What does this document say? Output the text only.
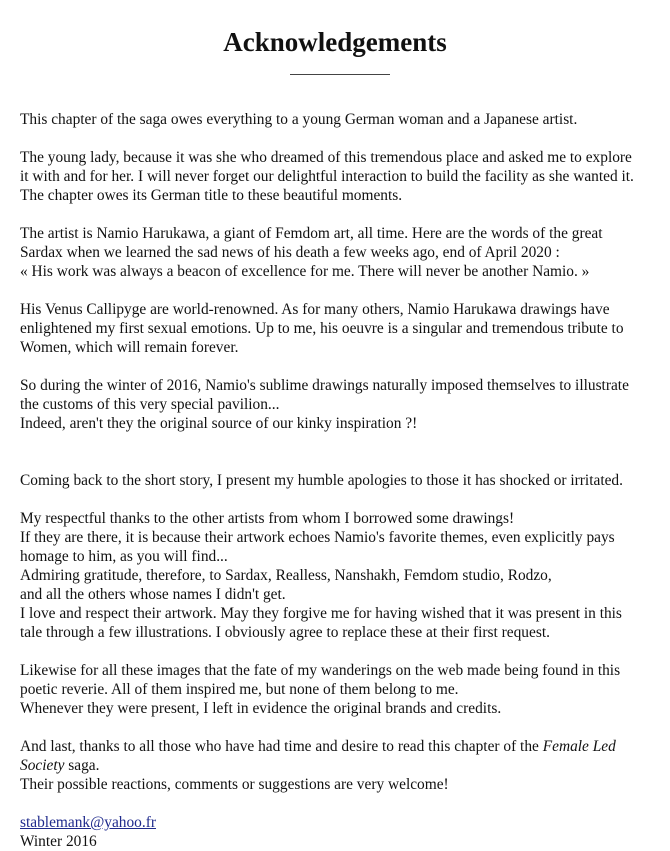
Acknowledgements

This chapter of the saga owes everything to a young German woman and a Japanese artist.

The young lady, because it was she who dreamed of this tremendous place and asked me to explore
it with and for her. I will never forget our delightful interaction to build the facility as she wanted it.
The chapter owes its German title to these beautiful moments.

The artist is Namio Harukawa, a giant of Femdom art, all time. Here are the words of the great
Sardax when we learned the sad news of his death a few weeks ago, end of April 2020 :
« His work was always a beacon of excellence for me. There will never be another Namio. »

His Venus Callipyge are world-renowned. As for many others, Namio Harukawa drawings have
enlightened my first sexual emotions. Up to me, his oeuvre is a singular and tremendous tribute to
Women, which will remain forever.

So during the winter of 2016, Namio's sublime drawings naturally imposed themselves to illustrate
the customs of this very special pavilion...
Indeed, aren't they the original source of our kinky inspiration ?!

Coming back to the short story, I present my humble apologies to those it has shocked or irritated.

My respectful thanks to the other artists from whom I borrowed some drawings!
If they are there, it is because their artwork echoes Namio's favorite themes, even explicitly pays
homage to him, as you will find...
Admiring gratitude, therefore, to Sardax, Realless, Nanshakh, Femdom studio, Rodzo,
and all the others whose names I didn't get.
I love and respect their artwork. May they forgive me for having wished that it was present in this
tale through a few illustrations. I obviously agree to replace these at their first request.

Likewise for all these images that the fate of my wanderings on the web made being found in this
poetic reverie. All of them inspired me, but none of them belong to me.
Whenever they were present, I left in evidence the original brands and credits.

And last, thanks to all those who have had time and desire to read this chapter of the Female Led
Society saga.
Their possible reactions, comments or suggestions are very welcome!

stablemank@yahoo.fr
Winter 2016
